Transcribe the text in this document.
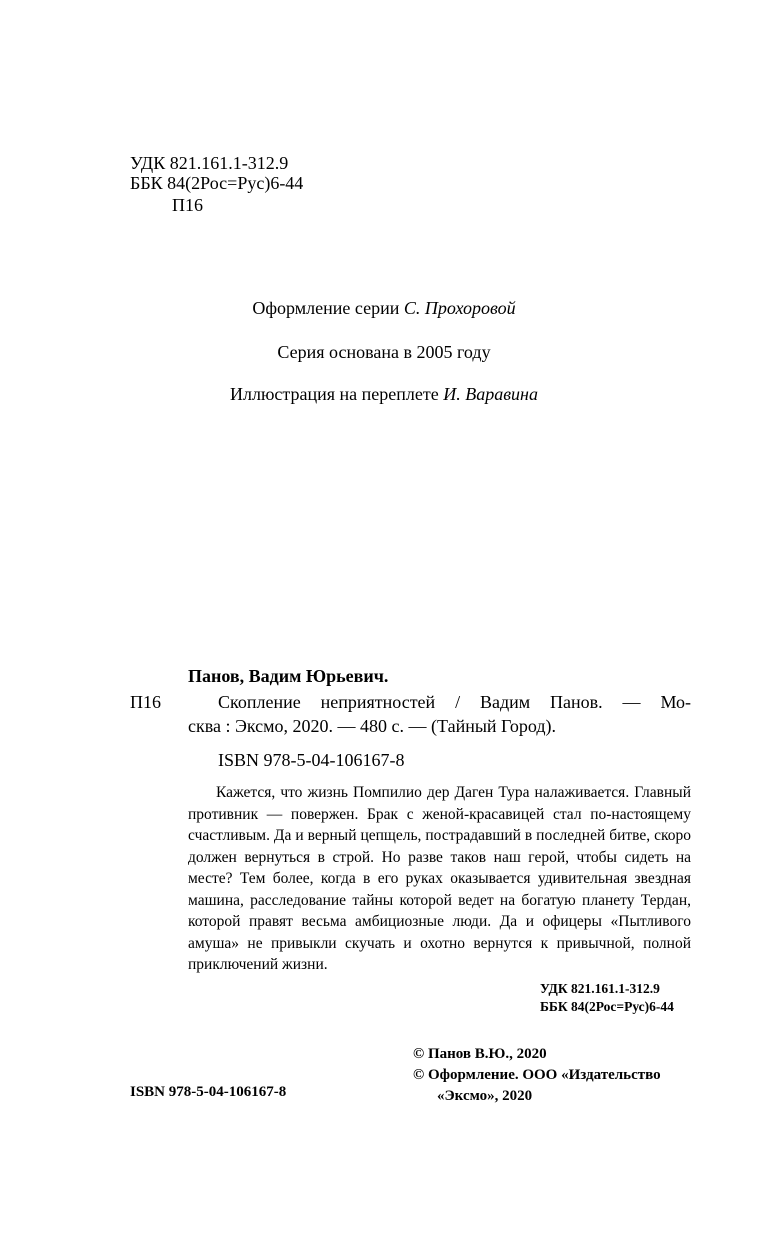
УДК 821.161.1-312.9
ББК 84(2Рос=Рус)6-44
П16
Оформление серии С. Прохоровой
Серия основана в 2005 году
Иллюстрация на переплете И. Варавина
Панов, Вадим Юрьевич.
П16	Скопление неприятностей / Вадим Панов. — Мо-
сква : Эксмо, 2020. — 480 с. — (Тайный Город).
ISBN 978-5-04-106167-8

Кажется, что жизнь Помпилио дер Даген Тура налаживается. Главный противник — повержен. Брак с женой-красавицей стал по-настоящему счастливым. Да и верный цепщель, пострадавший в последней битве, скоро должен вернуться в строй. Но разве таков наш герой, чтобы сидеть на месте? Тем более, когда в его руках оказывается удивительная звездная машина, расследование тайны которой ведет на богатую планету Тердан, которой правят весьма амбициозные люди. Да и офицеры «Пытливого амуша» не привыкли скучать и охотно вернутся к привычной, полной приключений жизни.

УДК 821.161.1-312.9
ББК 84(2Рос=Рус)6-44
© Панов В.Ю., 2020
© Оформление. ООО «Издательство
«Эксмо», 2020
ISBN 978-5-04-106167-8
